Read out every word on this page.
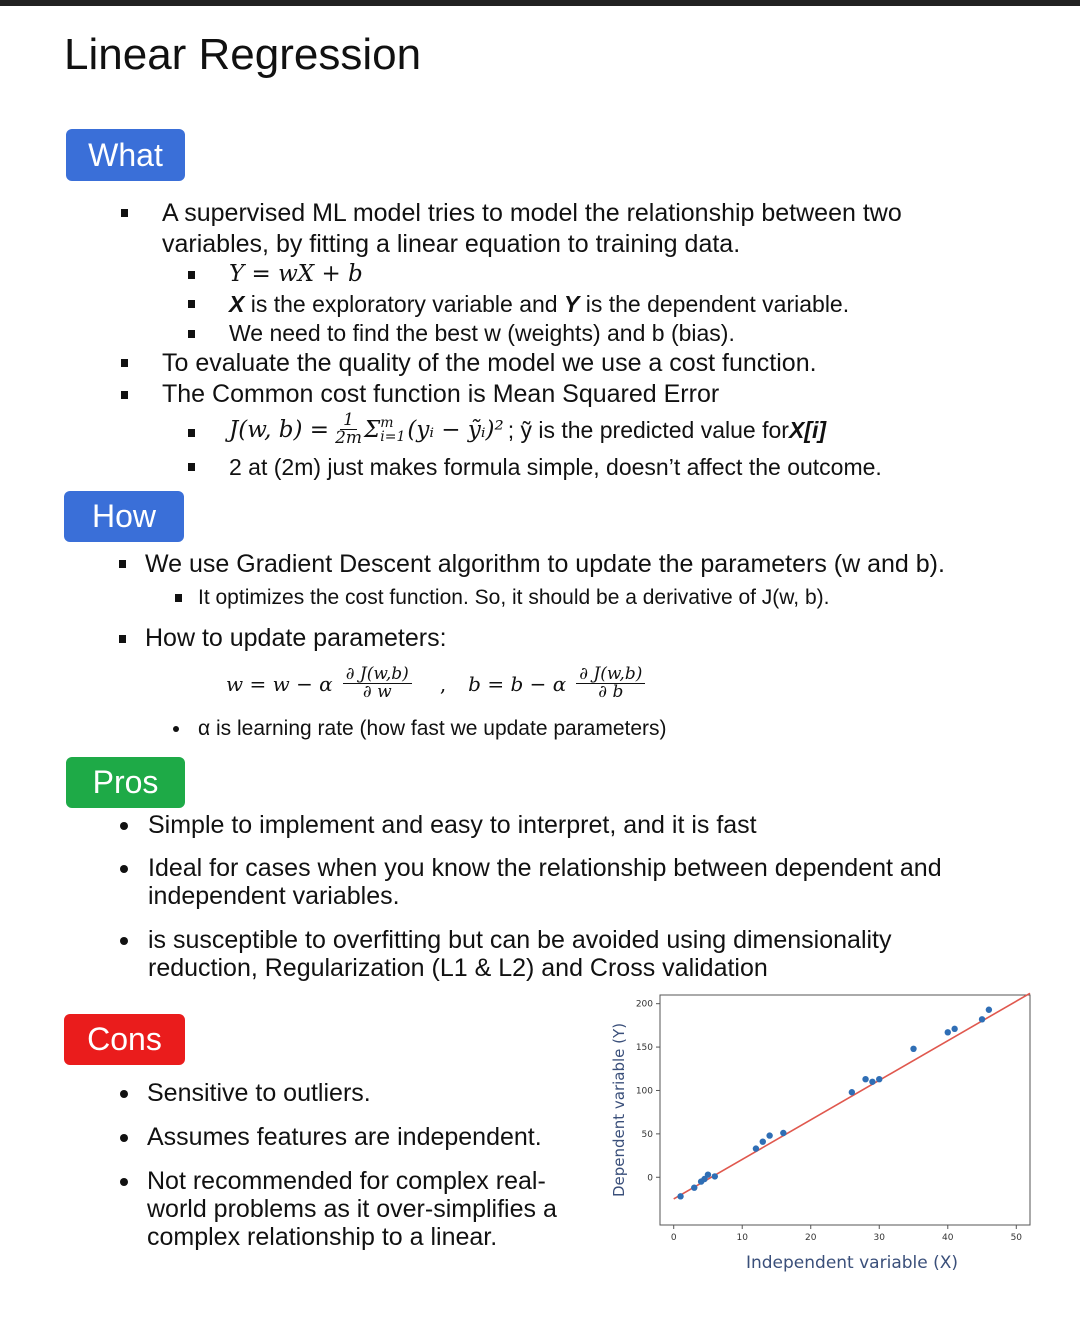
Linear Regression
What
A supervised ML model tries to model the relationship between two
variables, by fitting a linear equation to training data.
Y = wX + b
X is the exploratory variable and Y is the dependent variable.
We need to find the best w (weights) and b (bias).
To evaluate the quality of the model we use a cost function.
The Common cost function is Mean Squared Error
J(w, $b) = \frac{1}{2m}$ Σ m
i=1 (yᵢ − ỹᵢ)² ; ỹ is the predicted value for X[i]
2 at (2m) just makes formula simple, doesn’t affect the outcome.
How
We use Gradient Descent algorithm to update the parameters (w and b).
It optimizes the cost function. So, it should be a derivative of J(w, b).
How to update parameters:
w = w − α $\frac{\partial J(w,b)}{\partial w}$ , b = b − α $\frac{\partial J(w,b)}{\partial b}$
α is learning rate (how fast we update parameters)
Pros
Simple to implement and easy to interpret, and it is fast
Ideal for cases when you know the relationship between dependent and
independent variables.
is susceptible to overfitting but can be avoided using dimensionality
reduction, Regularization (L1 & L2) and Cross validation
Cons
Sensitive to outliers.
Assumes features are independent.
Not recommended for complex real-
world problems as it over-simplifies a
complex relationship to a linear.
0
50
100
150
200
0	10	20	30	40	50
Dependent variable (Y)
Independent variable (X)
